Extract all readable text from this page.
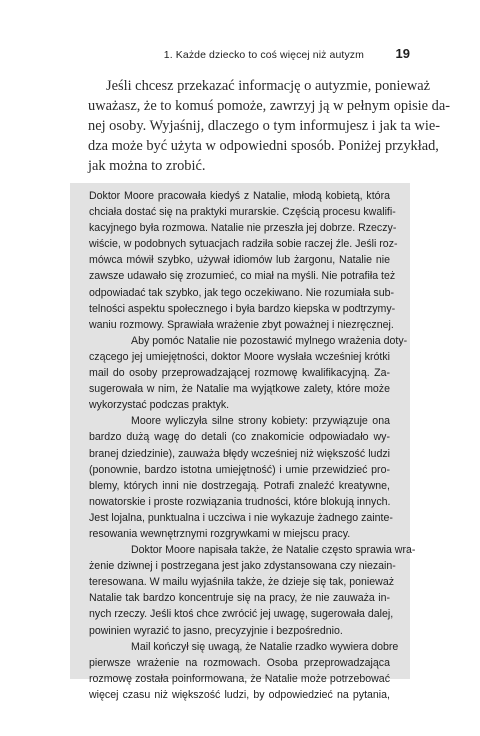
1. Każde dziecko to coś więcej niż autyzm 19
Jeśli chcesz przekazać informację o autyzmie, ponieważ
uważasz, że to komuś pomoże, zawrzyj ją w pełnym opisie da-
nej osoby. Wyjaśnij, dlaczego o tym informujesz i jak ta wie-
dza może być użyta w odpowiedni sposób. Poniżej przykład,
jak można to zrobić.
Doktor Moore pracowała kiedyś z Natalie, młodą kobietą, która
chciała dostać się na praktyki murarskie. Częścią procesu kwalifi-
kacyjnego była rozmowa. Natalie nie przeszła jej dobrze. Rzeczy-
wiście, w podobnych sytuacjach radziła sobie raczej źle. Jeśli roz-
mówca mówił szybko, używał idiomów lub żargonu, Natalie nie
zawsze udawało się zrozumieć, co miał na myśli. Nie potrafiła też
odpowiadać tak szybko, jak tego oczekiwano. Nie rozumiała sub-
telności aspektu społecznego i była bardzo kiepska w podtrzymy-
waniu rozmowy. Sprawiała wrażenie zbyt poważnej i niezręcznej.
Aby pomóc Natalie nie pozostawić mylnego wrażenia doty-
czącego jej umiejętności, doktor Moore wysłała wcześniej krótki
mail do osoby przeprowadzającej rozmowę kwalifikacyjną. Za-
sugerowała w nim, że Natalie ma wyjątkowe zalety, które może
wykorzystać podczas praktyk.
Moore wyliczyła silne strony kobiety: przywiązuje ona
bardzo dużą wagę do detali (co znakomicie odpowiadało wy-
branej dziedzinie), zauważa błędy wcześniej niż większość ludzi
(ponownie, bardzo istotna umiejętność) i umie przewidzieć pro-
blemy, których inni nie dostrzegają. Potrafi znaleźć kreatywne,
nowatorskie i proste rozwiązania trudności, które blokują innych.
Jest lojalna, punktualna i uczciwa i nie wykazuje żadnego zainte-
resowania wewnętrznymi rozgrywkami w miejscu pracy.
Doktor Moore napisała także, że Natalie często sprawia wra-
żenie dziwnej i postrzegana jest jako zdystansowana czy niezain-
teresowana. W mailu wyjaśniła także, że dzieje się tak, ponieważ
Natalie tak bardzo koncentruje się na pracy, że nie zauważa in-
nych rzeczy. Jeśli ktoś chce zwrócić jej uwagę, sugerowała dalej,
powinien wyrazić to jasno, precyzyjnie i bezpośrednio.
Mail kończył się uwagą, że Natalie rzadko wywiera dobre
pierwsze wrażenie na rozmowach. Osoba przeprowadzająca
rozmowę została poinformowana, że Natalie może potrzebować
więcej czasu niż większość ludzi, by odpowiedzieć na pytania,
